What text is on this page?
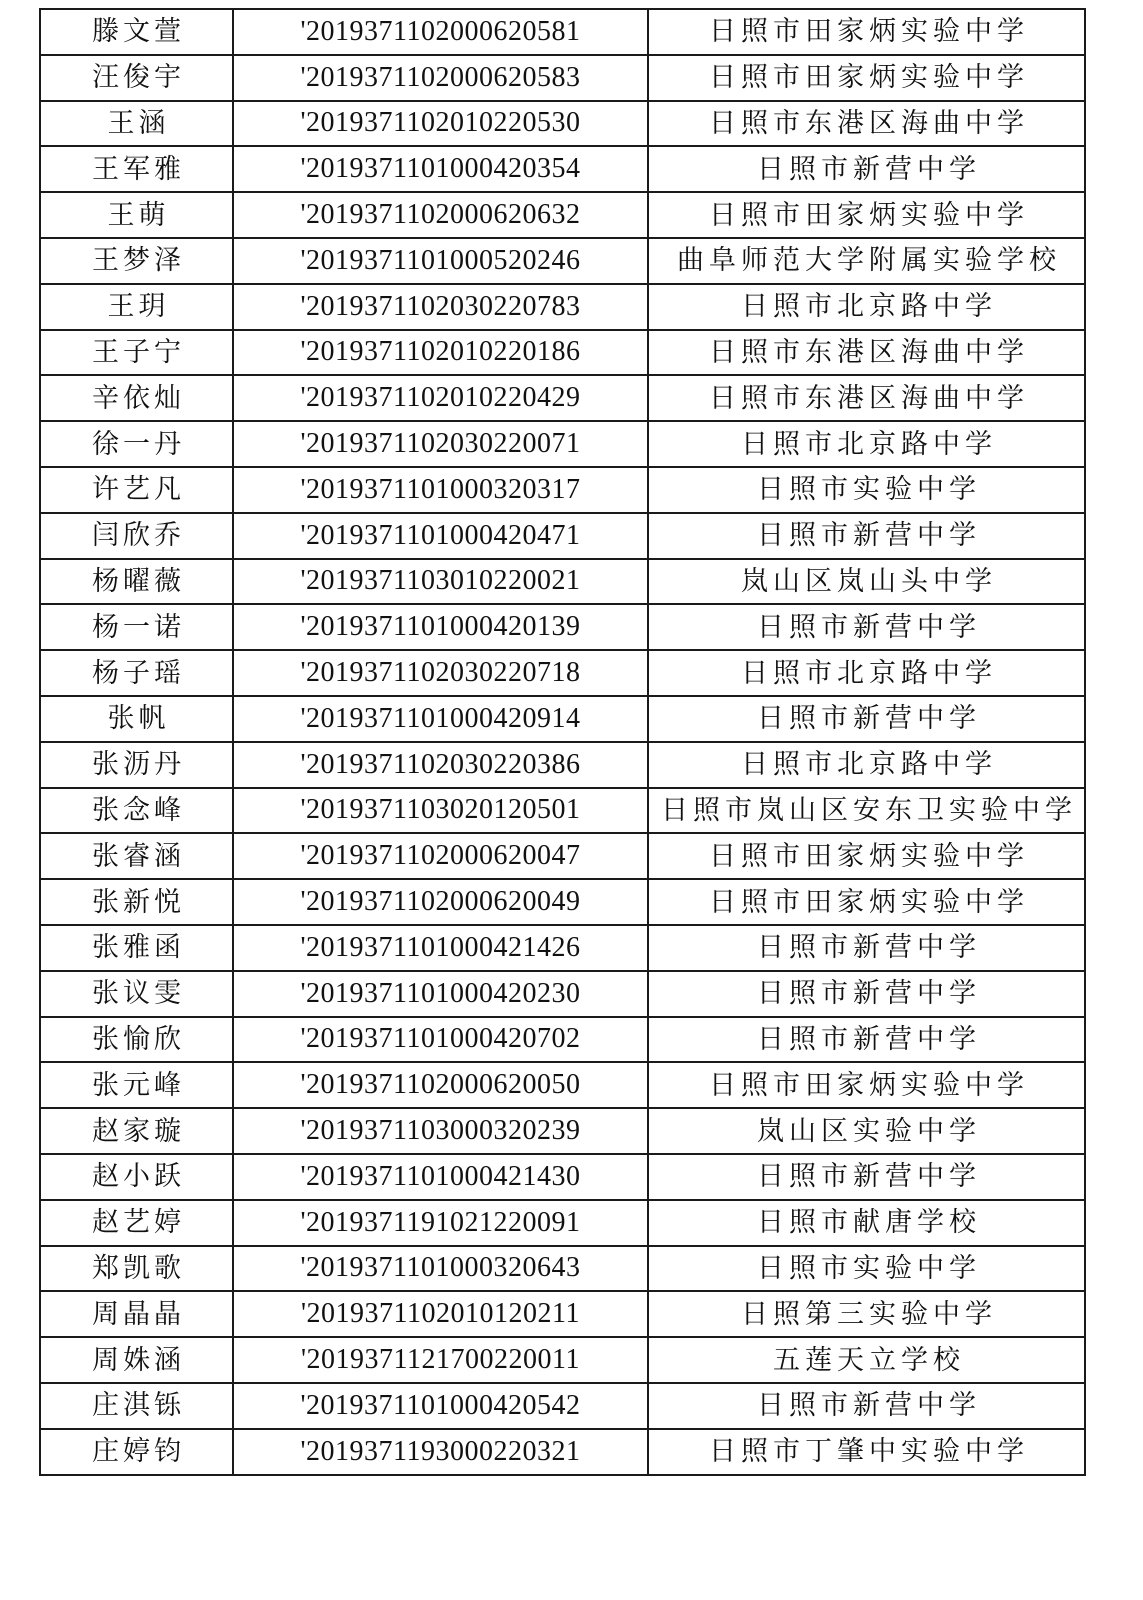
滕文萱	'2019371102000620581	日照市田家炳实验中学
汪俊宇	'2019371102000620583	日照市田家炳实验中学
王涵	'2019371102010220530	日照市东港区海曲中学
王军雅	'2019371101000420354	日照市新营中学
王萌	'2019371102000620632	日照市田家炳实验中学
王梦泽	'2019371101000520246	曲阜师范大学附属实验学校
王玥	'2019371102030220783	日照市北京路中学
王子宁	'2019371102010220186	日照市东港区海曲中学
辛依灿	'2019371102010220429	日照市东港区海曲中学
徐一丹	'2019371102030220071	日照市北京路中学
许艺凡	'2019371101000320317	日照市实验中学
闫欣乔	'2019371101000420471	日照市新营中学
杨曜薇	'2019371103010220021	岚山区岚山头中学
杨一诺	'2019371101000420139	日照市新营中学
杨子瑶	'2019371102030220718	日照市北京路中学
张帆	'2019371101000420914	日照市新营中学
张沥丹	'2019371102030220386	日照市北京路中学
张念峰	'2019371103020120501	日照市岚山区安东卫实验中学
张睿涵	'2019371102000620047	日照市田家炳实验中学
张新悦	'2019371102000620049	日照市田家炳实验中学
张雅函	'2019371101000421426	日照市新营中学
张议雯	'2019371101000420230	日照市新营中学
张愉欣	'2019371101000420702	日照市新营中学
张元峰	'2019371102000620050	日照市田家炳实验中学
赵家璇	'2019371103000320239	岚山区实验中学
赵小跃	'2019371101000421430	日照市新营中学
赵艺婷	'2019371191021220091	日照市献唐学校
郑凯歌	'2019371101000320643	日照市实验中学
周晶晶	'2019371102010120211	日照第三实验中学
周姝涵	'2019371121700220011	五莲天立学校
庄淇铄	'2019371101000420542	日照市新营中学
庄婷钧	'2019371193000220321	日照市丁肇中实验中学
